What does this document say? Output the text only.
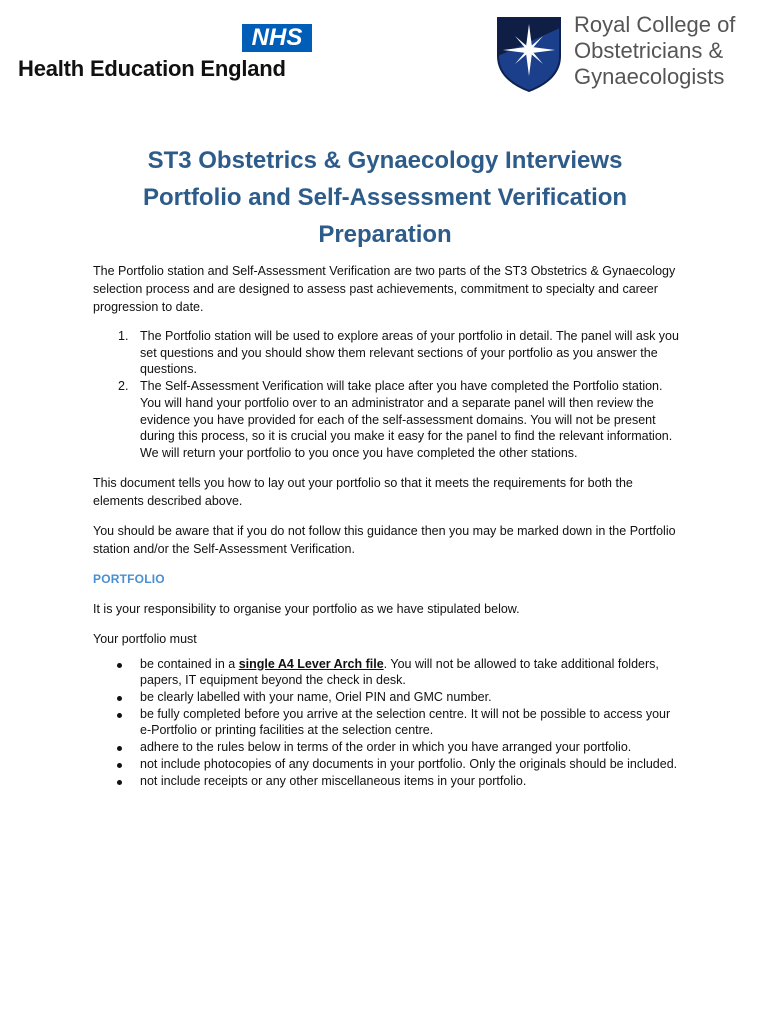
NHS
Health Education England
Royal College of
Obstetricians &
Gynaecologists
ST3 Obstetrics & Gynaecology Interviews
Portfolio and Self-Assessment Verification
Preparation

The Portfolio station and Self-Assessment Verification are two parts of the ST3 Obstetrics & Gynaecology selection process and are designed to assess past achievements, commitment to specialty and career progression to date.

1. The Portfolio station will be used to explore areas of your portfolio in detail. The panel will ask you set questions and you should show them relevant sections of your portfolio as you answer the questions.
2. The Self-Assessment Verification will take place after you have completed the Portfolio station. You will hand your portfolio over to an administrator and a separate panel will then review the evidence you have provided for each of the self-assessment domains. You will not be present during this process, so it is crucial you make it easy for the panel to find the relevant information. We will return your portfolio to you once you have completed the other stations.

This document tells you how to lay out your portfolio so that it meets the requirements for both the elements described above.

You should be aware that if you do not follow this guidance then you may be marked down in the Portfolio station and/or the Self-Assessment Verification.

PORTFOLIO

It is your responsibility to organise your portfolio as we have stipulated below.

Your portfolio must

be contained in a single A4 Lever Arch file. You will not be allowed to take additional folders, papers, IT equipment beyond the check in desk.
be clearly labelled with your name, Oriel PIN and GMC number.
be fully completed before you arrive at the selection centre. It will not be possible to access your e-Portfolio or printing facilities at the selection centre.
adhere to the rules below in terms of the order in which you have arranged your portfolio.
not include photocopies of any documents in your portfolio. Only the originals should be included.
not include receipts or any other miscellaneous items in your portfolio.
